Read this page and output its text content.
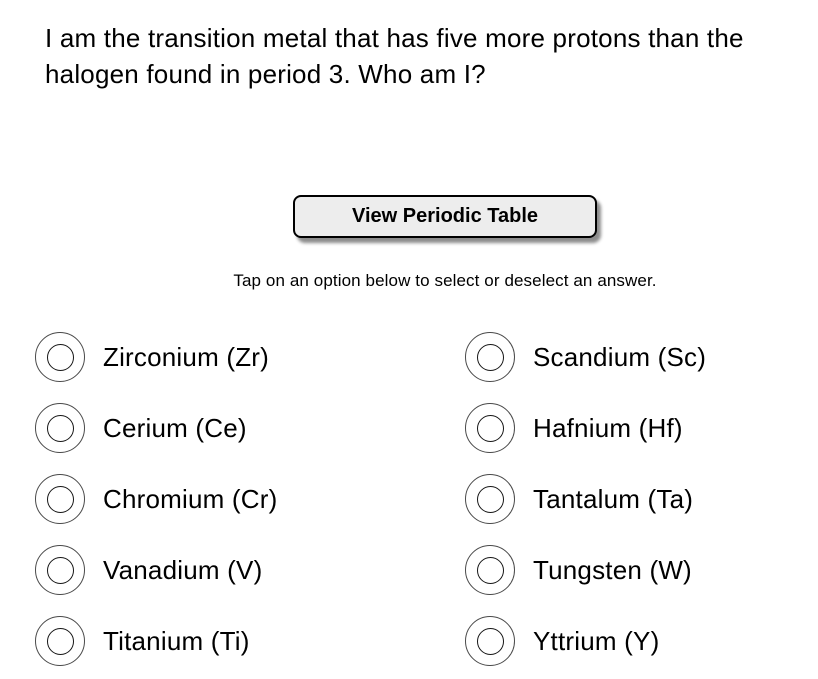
I am the transition metal that has five more protons than the
halogen found in period 3. Who am I?
View Periodic Table
Tap on an option below to select or deselect an answer.
Zirconium (Zr)	Scandium (Sc)
Cerium (Ce)	Hafnium (Hf)
Chromium (Cr)	Tantalum (Ta)
Vanadium (V)	Tungsten (W)
Titanium (Ti)	Yttrium (Y)
